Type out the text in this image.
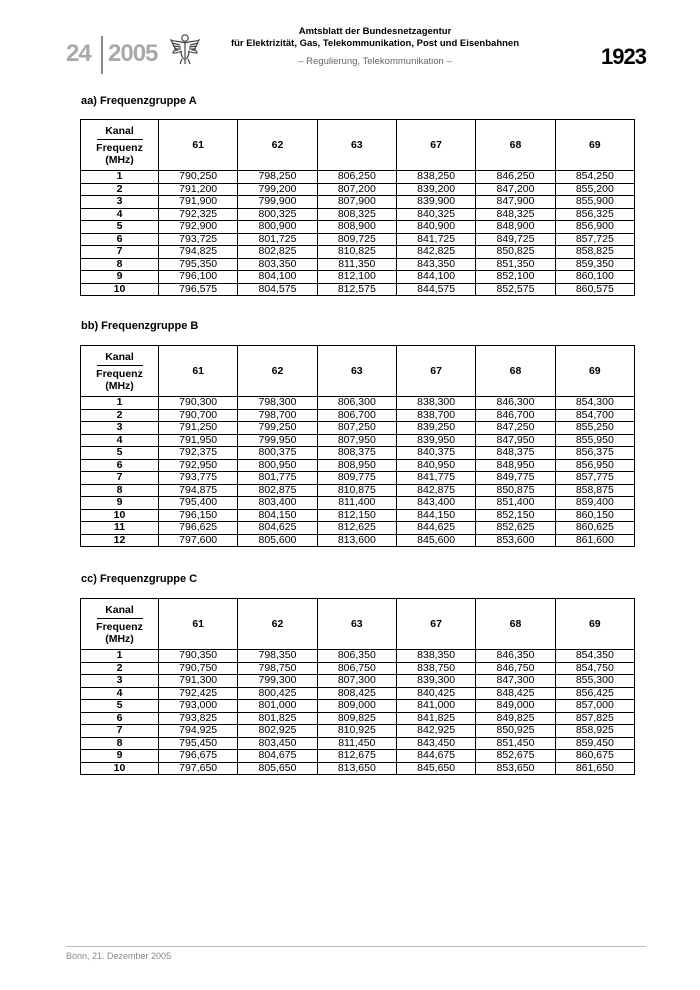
24 2005
Amtsblatt der Bundesnetzagentur
für Elektrizität, Gas, Telekommunikation, Post und Eisenbahnen
– Regulierung, Telekommunikation –	1923
aa) Frequenzgruppe A
Kanal
Frequenz
(MHz)	61	62	63	67	68	69
1	790,250	798,250	806,250	838,250	846,250	854,250
2	791,200	799,200	807,200	839,200	847,200	855,200
3	791,900	799,900	807,900	839,900	847,900	855,900
4	792,325	800,325	808,325	840,325	848,325	856,325
5	792,900	800,900	808,900	840,900	848,900	856,900
6	793,725	801,725	809,725	841,725	849,725	857,725
7	794,825	802,825	810,825	842,825	850,825	858,825
8	795,350	803,350	811,350	843,350	851,350	859,350
9	796,100	804,100	812,100	844,100	852,100	860,100
10	796,575	804,575	812,575	844,575	852,575	860,575
bb) Frequenzgruppe B
Kanal
Frequenz
(MHz)	61	62	63	67	68	69
1	790,300	798,300	806,300	838,300	846,300	854,300
2	790,700	798,700	806,700	838,700	846,700	854,700
3	791,250	799,250	807,250	839,250	847,250	855,250
4	791,950	799,950	807,950	839,950	847,950	855,950
5	792,375	800,375	808,375	840,375	848,375	856,375
6	792,950	800,950	808,950	840,950	848,950	856,950
7	793,775	801,775	809,775	841,775	849,775	857,775
8	794,875	802,875	810,875	842,875	850,875	858,875
9	795,400	803,400	811,400	843,400	851,400	859,400
10	796,150	804,150	812,150	844,150	852,150	860,150
11	796,625	804,625	812,625	844,625	852,625	860,625
12	797,600	805,600	813,600	845,600	853,600	861,600
cc) Frequenzgruppe C
Kanal
Frequenz
(MHz)	61	62	63	67	68	69
1	790,350	798,350	806,350	838,350	846,350	854,350
2	790,750	798,750	806,750	838,750	846,750	854,750
3	791,300	799,300	807,300	839,300	847,300	855,300
4	792,425	800,425	808,425	840,425	848,425	856,425
5	793,000	801,000	809,000	841,000	849,000	857,000
6	793,825	801,825	809,825	841,825	849,825	857,825
7	794,925	802,925	810,925	842,925	850,925	858,925
8	795,450	803,450	811,450	843,450	851,450	859,450
9	796,675	804,675	812,675	844,675	852,675	860,675
10	797,650	805,650	813,650	845,650	853,650	861,650
Bonn, 21. Dezember 2005
